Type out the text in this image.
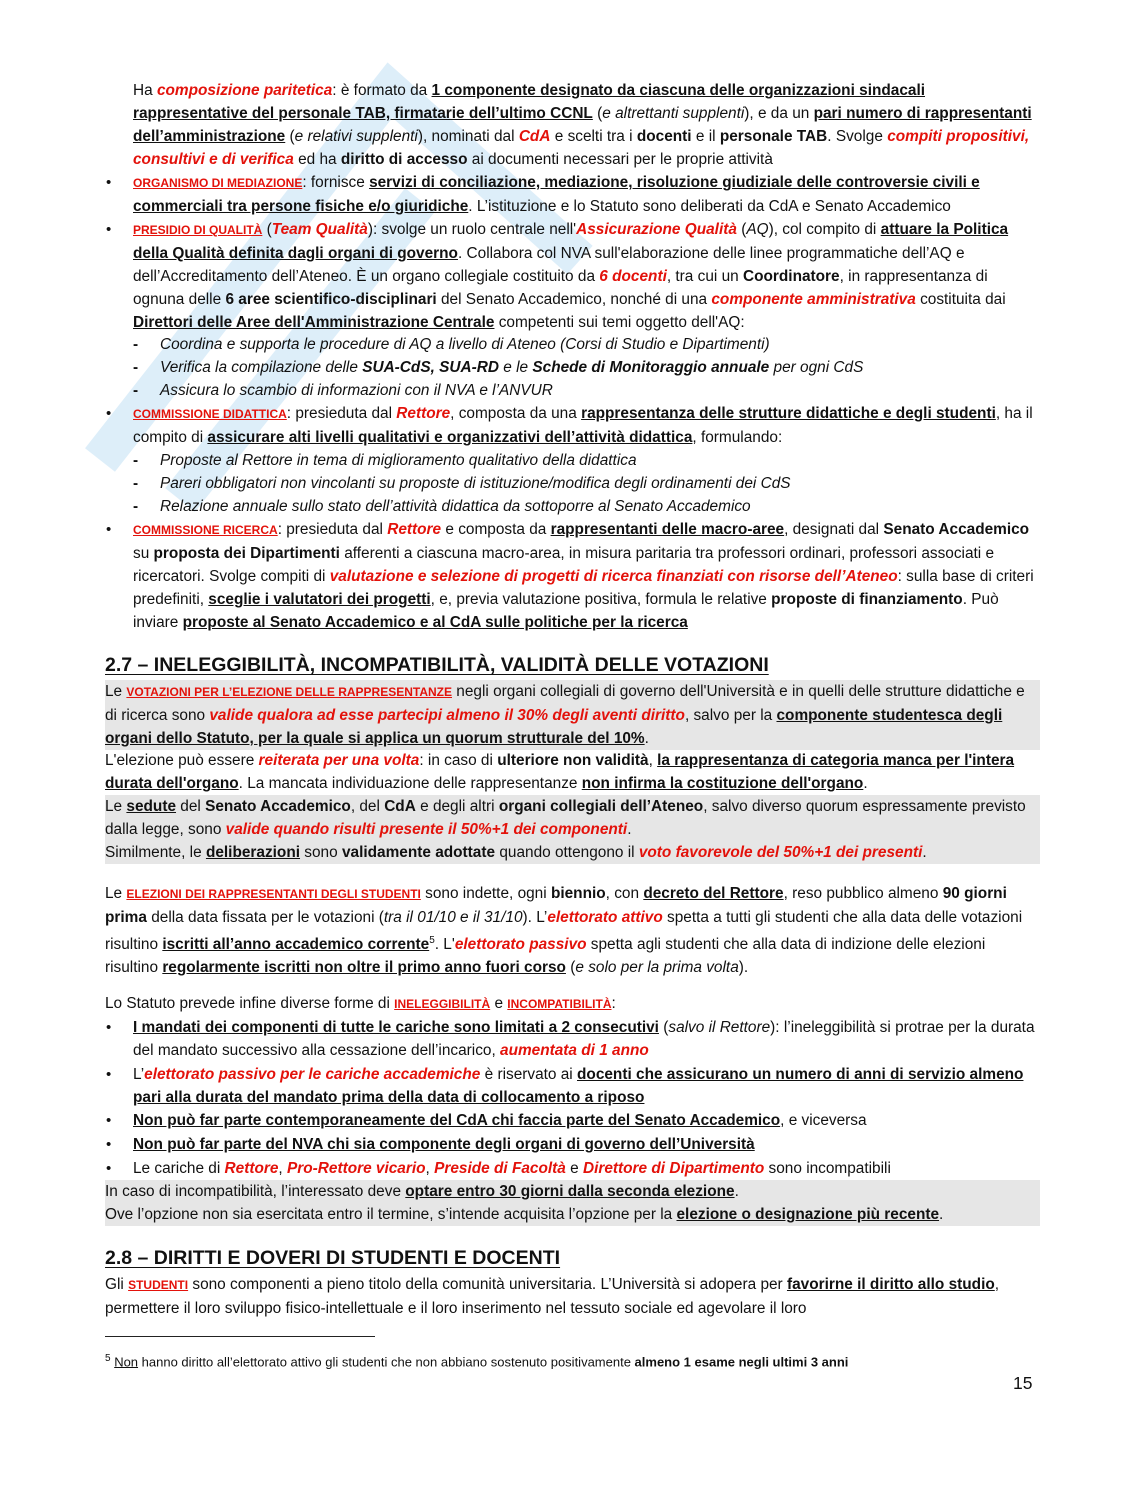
2.7 – INELEGGIBILITÀ, INCOMPATIBILITÀ, VALIDITÀ DELLE VOTAZIONI
2.8 – DIRITTI E DOVERI DI STUDENTI E DOCENTI

Ha composizione paritetica: è formato da 1 componente designato da ciascuna delle organizzazioni sindacali rappresentative del personale TAB, firmatarie dell’ultimo CCNL (e altrettanti supplenti), e da un pari numero di rappresentanti dell’amministrazione (e relativi supplenti), nominati dal CdA e scelti tra i docenti e il personale TAB. Svolge compiti propositivi, consultivi e di verifica ed ha diritto di accesso ai documenti necessari per le proprie attività

• ORGANISMO DI MEDIAZIONE: fornisce servizi di conciliazione, mediazione, risoluzione giudiziale delle controversie civili e commerciali tra persone fisiche e/o giuridiche. L’istituzione e lo Statuto sono deliberati da CdA e Senato Accademico

• PRESIDIO DI QUALITÀ (Team Qualità): svolge un ruolo centrale nell'Assicurazione Qualità (AQ), col compito di attuare la Politica della Qualità definita dagli organi di governo. Collabora col NVA sull'elaborazione delle linee programmatiche dell’AQ e dell’Accreditamento dell’Ateneo. È un organo collegiale costituito da 6 docenti, tra cui un Coordinatore, in rappresentanza di ognuna delle 6 aree scientifico-disciplinari del Senato Accademico, nonché di una componente amministrativa costituita dai Direttori delle Aree dell'Amministrazione Centrale competenti sui temi oggetto dell'AQ:

- Coordina e supporta le procedure di AQ a livello di Ateneo (Corsi di Studio e Dipartimenti)

- Verifica la compilazione delle SUA-CdS, SUA-RD e le Schede di Monitoraggio annuale per ogni CdS

- Assicura lo scambio di informazioni con il NVA e l’ANVUR

• COMMISSIONE DIDATTICA: presieduta dal Rettore, composta da una rappresentanza delle strutture didattiche e degli studenti, ha il compito di assicurare alti livelli qualitativi e organizzativi dell’attività didattica, formulando:

- Proposte al Rettore in tema di miglioramento qualitativo della didattica

- Pareri obbligatori non vincolanti su proposte di istituzione/modifica degli ordinamenti dei CdS

- Relazione annuale sullo stato dell’attività didattica da sottoporre al Senato Accademico

• COMMISSIONE RICERCA: presieduta dal Rettore e composta da rappresentanti delle macro-aree, designati dal Senato Accademico su proposta dei Dipartimenti afferenti a ciascuna macro-area, in misura paritaria tra professori ordinari, professori associati e ricercatori. Svolge compiti di valutazione e selezione di progetti di ricerca finanziati con risorse dell’Ateneo: sulla base di criteri predefiniti, sceglie i valutatori dei progetti, e, previa valutazione positiva, formula le relative proposte di finanziamento. Può inviare proposte al Senato Accademico e al CdA sulle politiche per la ricerca

Le VOTAZIONI PER L’ELEZIONE DELLE RAPPRESENTANZE negli organi collegiali di governo dell'Università e in quelli delle strutture didattiche e di ricerca sono valide qualora ad esse partecipi almeno il 30% degli aventi diritto, salvo per la componente studentesca degli organi dello Statuto, per la quale si applica un quorum strutturale del 10%.

L'elezione può essere reiterata per una volta: in caso di ulteriore non validità, la rappresentanza di categoria manca per l'intera durata dell'organo. La mancata individuazione delle rappresentanze non infirma la costituzione dell'organo.

Le sedute del Senato Accademico, del CdA e degli altri organi collegiali dell’Ateneo, salvo diverso quorum espressamente previsto dalla legge, sono valide quando risulti presente il 50%+1 dei componenti.
Similmente, le deliberazioni sono validamente adottate quando ottengono il voto favorevole del 50%+1 dei presenti.

Le ELEZIONI DEI RAPPRESENTANTI DEGLI STUDENTI sono indette, ogni biennio, con decreto del Rettore, reso pubblico almeno 90 giorni prima della data fissata per le votazioni (tra il 01/10 e il 31/10). L’elettorato attivo spetta a tutti gli studenti che alla data delle votazioni risultino iscritti all’anno accademico corrente$^5$. L'elettorato passivo spetta agli studenti che alla data di indizione delle elezioni risultino regolarmente iscritti non oltre il primo anno fuori corso (e solo per la prima volta).

Lo Statuto prevede infine diverse forme di INELEGGIBILITÀ e INCOMPATIBILITÀ:

• I mandati dei componenti di tutte le cariche sono limitati a 2 consecutivi (salvo il Rettore): l’ineleggibilità si protrae per la durata del mandato successivo alla cessazione dell’incarico, aumentata di 1 anno

• L’elettorato passivo per le cariche accademiche è riservato ai docenti che assicurano un numero di anni di servizio almeno pari alla durata del mandato prima della data di collocamento a riposo

• Non può far parte contemporaneamente del CdA chi faccia parte del Senato Accademico, e viceversa

• Non può far parte del NVA chi sia componente degli organi di governo dell’Università

• Le cariche di Rettore, Pro-Rettore vicario, Preside di Facoltà e Direttore di Dipartimento sono incompatibili

In caso di incompatibilità, l’interessato deve optare entro 30 giorni dalla seconda elezione.
Ove l’opzione non sia esercitata entro il termine, s’intende acquisita l’opzione per la elezione o designazione più recente.

Gli STUDENTI sono componenti a pieno titolo della comunità universitaria. L’Università si adopera per favorirne il diritto allo studio, permettere il loro sviluppo fisico-intellettuale e il loro inserimento nel tessuto sociale ed agevolare il loro

$^5$ Non hanno diritto all’elettorato attivo gli studenti che non abbiano sostenuto positivamente almeno 1 esame negli ultimi 3 anni

15
